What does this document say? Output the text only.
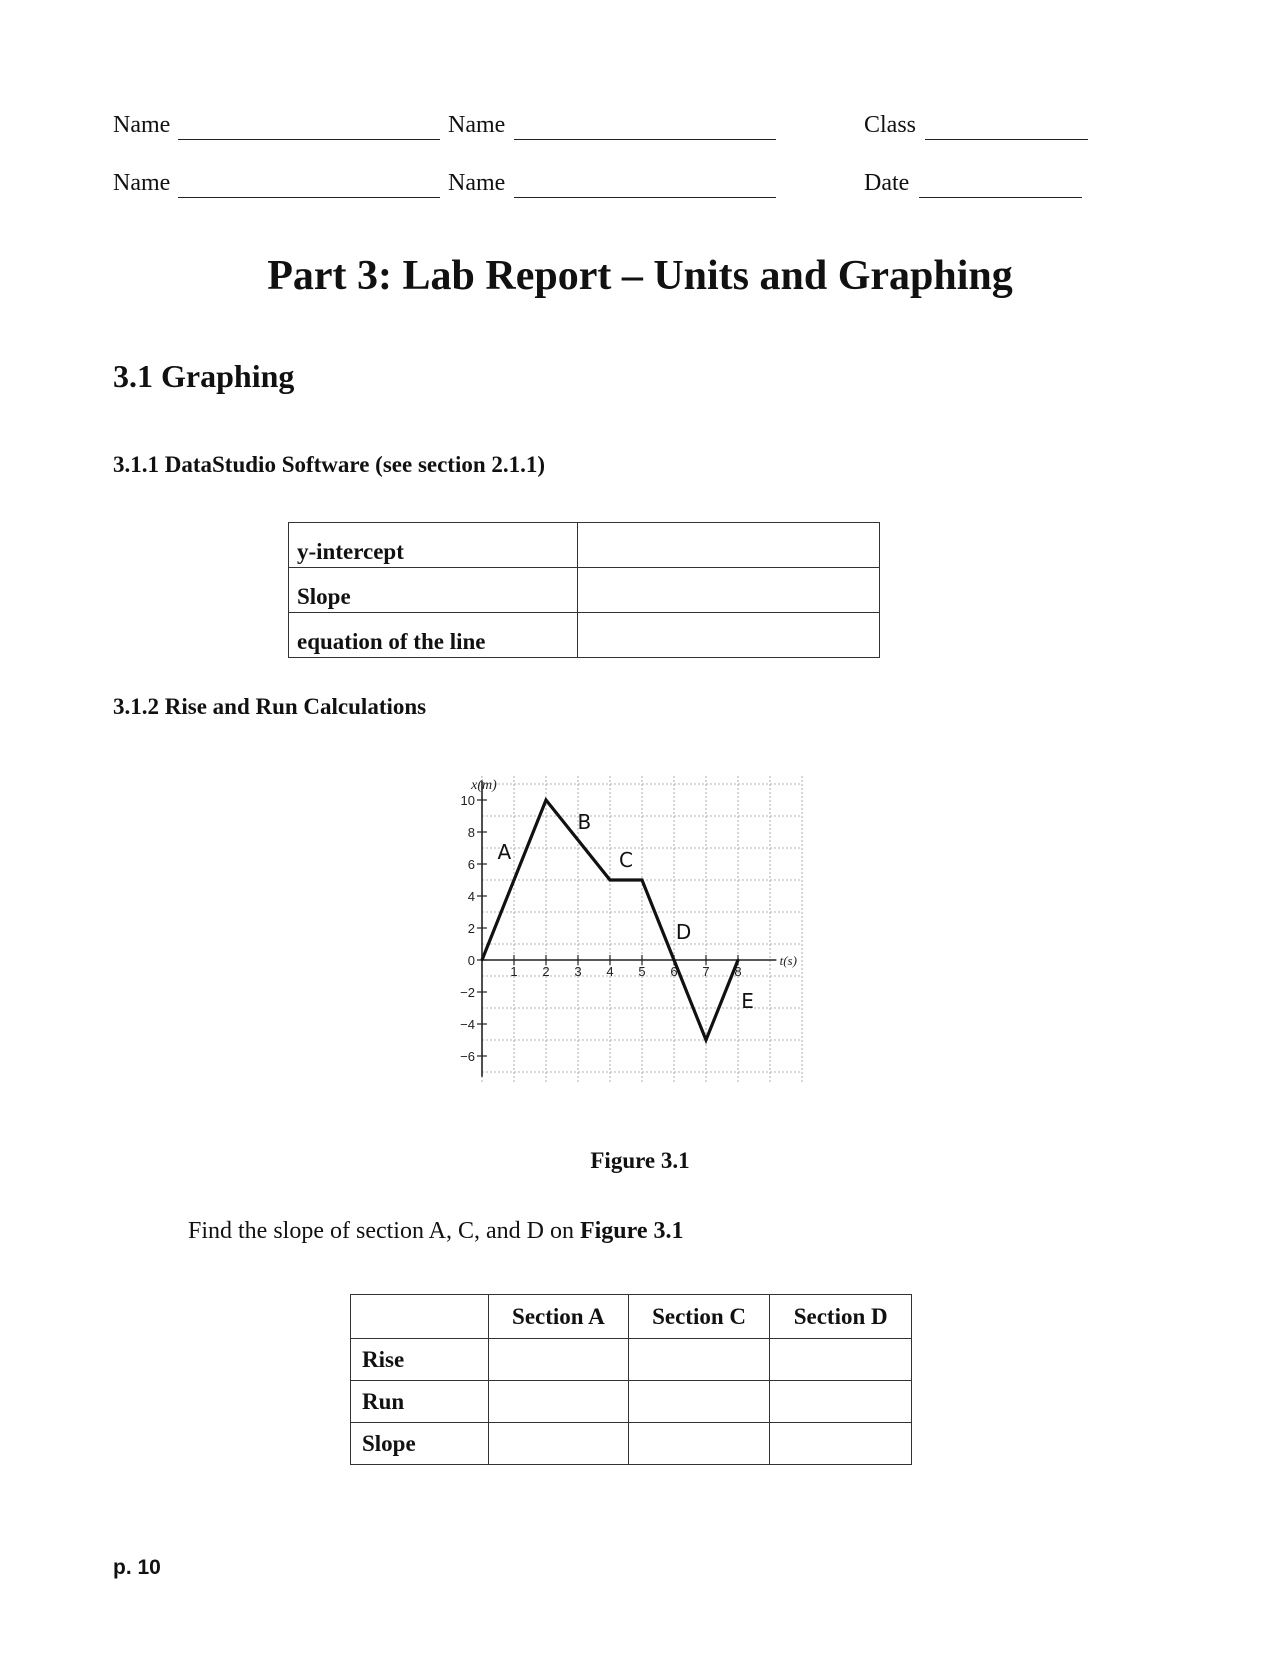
Name	Name	Class
Name	Name	Date
Part 3: Lab Report – Units and Graphing
3.1 Graphing
3.1.1 DataStudio Software (see section 2.1.1)
y-intercept	
Slope	
equation of the line	
3.1.2 Rise and Run Calculations
10
8
6
4
2
0
−2
−4
−6
1 2 3 4 5 6 7 8
x(m)
t(s)
A
B
C
D
E
Figure 3.1
Find the slope of section A, C, and D on Figure 3.1
	Section A	Section C	Section D
Rise			
Run			
Slope			
p. 10
